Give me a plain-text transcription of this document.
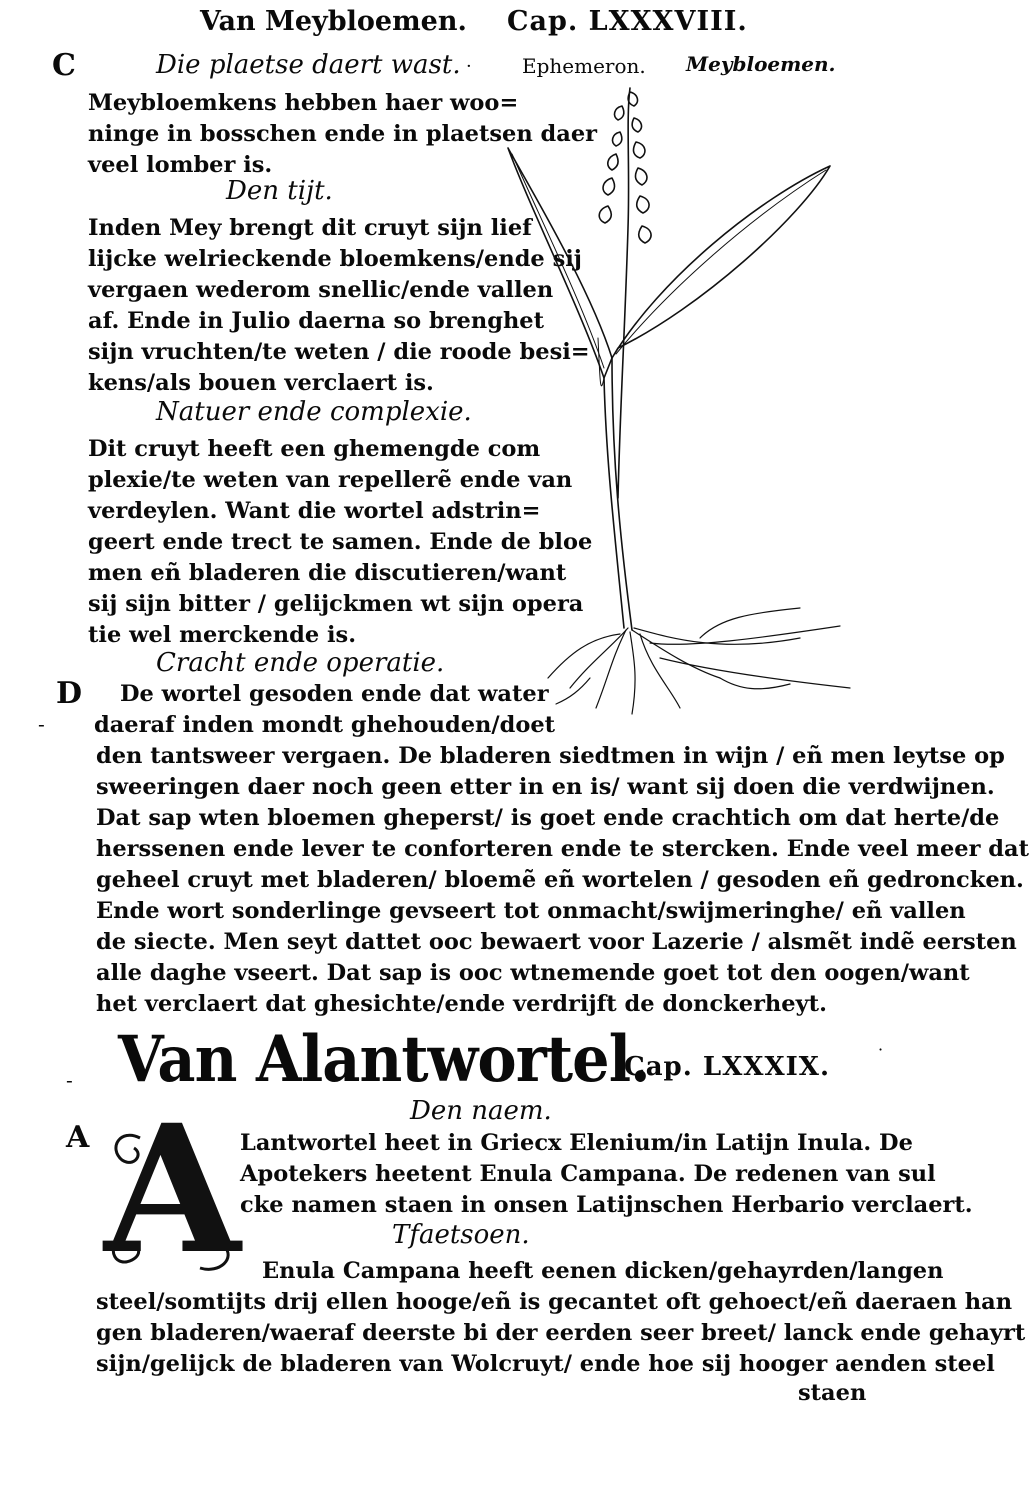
Van Meybloemen. Cap. LXXXVIII.
C	Die plaetse daert wast. ·
Meybloemkens hebben haer woo=
ninge in bosschen ende in plaetsen daer
veel lomber is.
Den tijt.
Inden Mey brengt dit cruyt sijn lief
lijcke welrieckende bloemkens/ende sij
vergaen wederom snellic/ende vallen
af. Ende in Julio daerna so brenghet
sijn vruchten/te weten / die roode besi=
kens/als bouen verclaert is.
Natuer ende complexie.
Dit cruyt heeft een ghemengde com
plexie/te weten van repellerẽ ende van
verdeylen. Want die wortel adstrin=
geert ende trect te samen. Ende de bloe
men eñ bladeren die discutieren/want
sij sijn bitter / gelijckmen wt sijn opera
tie wel merckende is.
Cracht ende operatie.
D De wortel gesoden ende dat water
daeraf inden mondt ghehouden/doet
-
den tantsweer vergaen. De bladeren siedtmen in wijn / eñ men leytse op
sweeringen daer noch geen etter in en is/ want sij doen die verdwijnen.
Dat sap wten bloemen gheperst/ is goet ende crachtich om dat herte/de
herssenen ende lever te conforteren ende te stercken. Ende veel meer dat
geheel cruyt met bladeren/ bloemẽ eñ wortelen / gesoden eñ gedroncken.
Ende wort sonderlinge gevseert tot onmacht/swijmeringhe/ eñ vallen
de siecte. Men seyt dattet ooc bewaert voor Lazerie / alsmẽt indẽ eersten
alle daghe vseert. Dat sap is ooc wtnemende goet tot den oogen/want
het verclaert dat ghesichte/ende verdrijft de donckerheyt.
Ephemeron. Meybloemen.
- Van Alantwortel.
Cap. LXXXIX.
·
Den naem.
A A Lantwortel heet in Griecx Elenium/in Latijn Inula. De
Apotekers heetent Enula Campana. De redenen van sul
cke namen staen in onsen Latijnschen Herbario verclaert.
Tfaetsoen.
Enula Campana heeft eenen dicken/gehayrden/langen
steel/somtijts drij ellen hooge/eñ is gecantet oft gehoect/eñ daeraen han
gen bladeren/waeraf deerste bi der eerden seer breet/ lanck ende gehayrt
sijn/gelijck de bladeren van Wolcruyt/ ende hoe sij hooger aenden steel
staen
